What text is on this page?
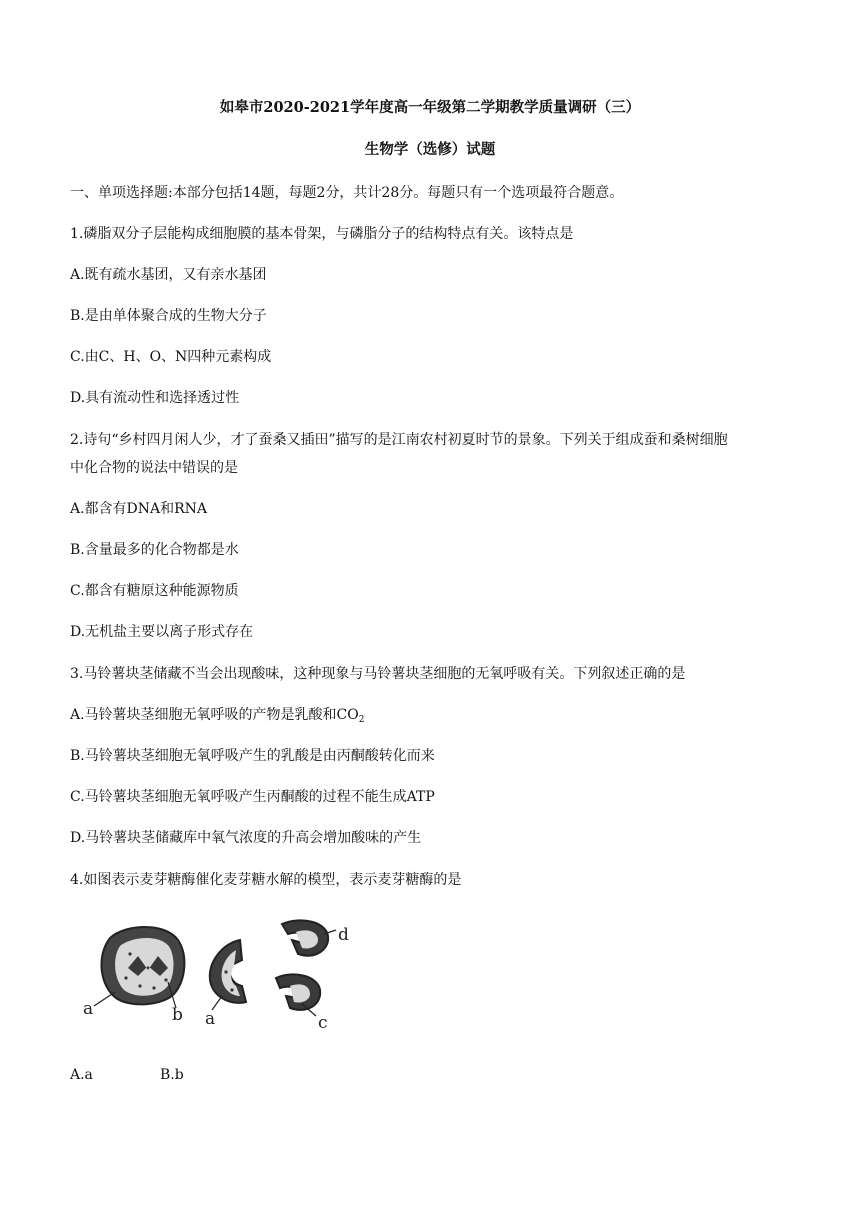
如皋市2020-2021学年度高一年级第二学期教学质量调研（三）
生物学（选修）试题
一、单项选择题:本部分包括14题，每题2分，共计28分。每题只有一个选项最符合题意。
1.磷脂双分子层能构成细胞膜的基本骨架，与磷脂分子的结构特点有关。该特点是
A.既有疏水基团，又有亲水基团
B.是由单体聚合成的生物大分子
C.由C、H、O、N四种元素构成
D.具有流动性和选择透过性
2.诗句“乡村四月闲人少，才了蚕桑又插田”描写的是江南农村初夏时节的景象。下列关于组成蚕和桑树细胞
中化合物的说法中错误的是
A.都含有DNA和RNA
B.含量最多的化合物都是水
C.都含有糖原这种能源物质
D.无机盐主要以离子形式存在
3.马铃薯块茎储藏不当会出现酸味，这种现象与马铃薯块茎细胞的无氧呼吸有关。下列叙述正确的是
A.马铃薯块茎细胞无氧呼吸的产物是乳酸和$CO_2$
B.马铃薯块茎细胞无氧呼吸产生的乳酸是由丙酮酸转化而来
C.马铃薯块茎细胞无氧呼吸产生丙酮酸的过程不能生成ATP
D.马铃薯块茎储藏库中氧气浓度的升高会增加酸味的产生
4.如图表示麦芽糖酶催化麦芽糖水解的模型，表示麦芽糖酶的是
a	b a
d
c
A.a	B.b
